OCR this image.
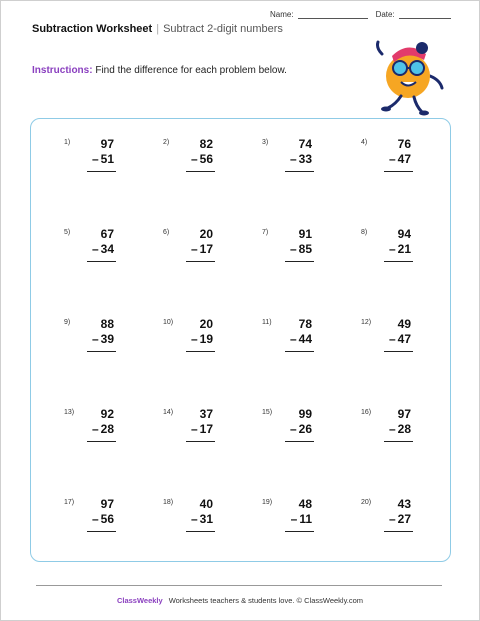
Name:	Date:
Subtraction Worksheet | Subtract 2-digit numbers
Instructions: Find the difference for each problem below.
1)	97
– 51
2)	82
– 56
3)	74
– 33
4)	76
– 47
5)	67
– 34
6)	20
– 17
7)	91
– 85
8)	94
– 21
9)	88
– 39
10) 20
– 19
11) 78
– 44
12) 49
– 47
13) 92
– 28
14) 37
– 17
15) 99
– 26
16) 97
– 28
17) 97
– 56
18) 40
– 31
19) 48
– 11
20) 43
– 27
ClassWeekly Worksheets teachers & students love. © ClassWeekly.com
